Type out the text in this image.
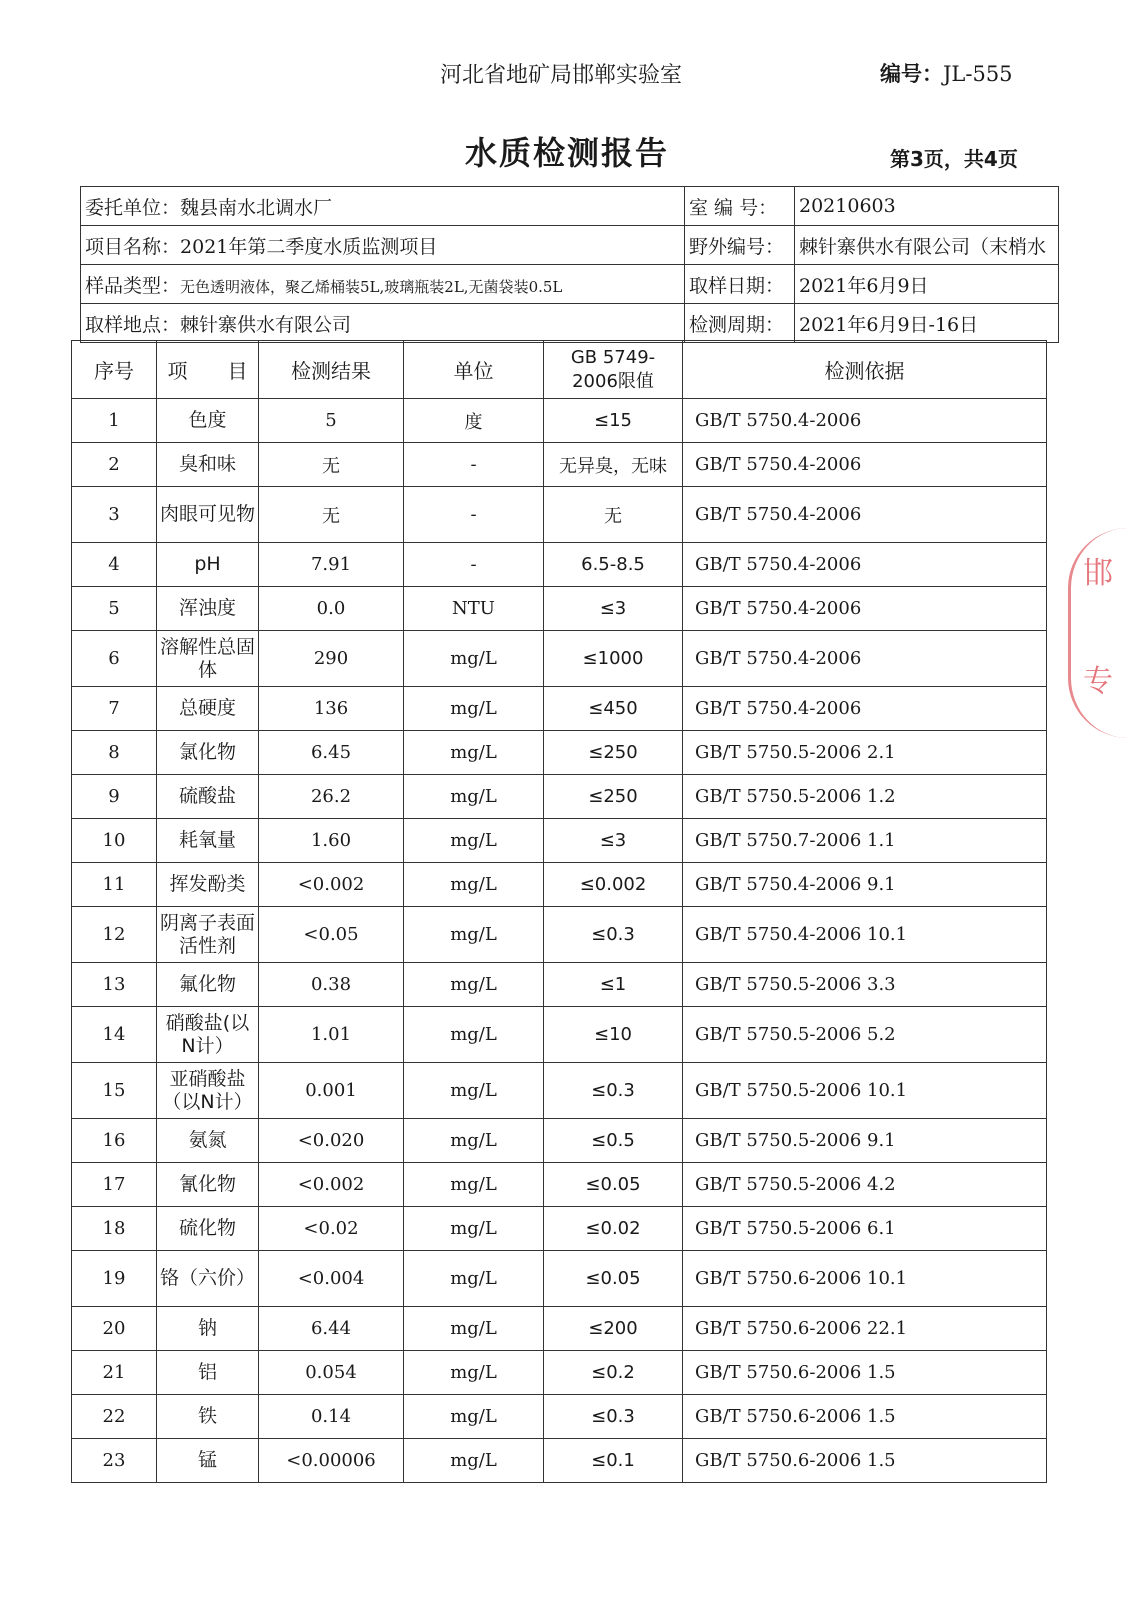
河北省地矿局邯郸实验室	编号：JL-555
水质检测报告	第3页，共4页
委托单位：魏县南水北调水厂	室 编 号：	20210603
项目名称：2021年第二季度水质监测项目	野外编号：	棘针寨供水有限公司（末梢水
样品类型：无色透明液体，聚乙烯桶装5L,玻璃瓶装2L,无菌袋装0.5L	取样日期：	2021年6月9日
取样地点：棘针寨供水有限公司	检测周期：	2021年6月9日-16日
序号	项　　目	检测结果	单位	GB 5749-
2006限值	检测依据
1	色度	5	度	≤15	GB/T 5750.4-2006
2	臭和味	无	-	无异臭，无味	GB/T 5750.4-2006
3	肉眼可见物	无	-	无	GB/T 5750.4-2006
4	pH	7.91	-	6.5-8.5	GB/T 5750.4-2006
5	浑浊度	0.0	NTU	≤3	GB/T 5750.4-2006
6	溶解性总固体	290	mg/L	≤1000	GB/T 5750.4-2006
7	总硬度	136	mg/L	≤450	GB/T 5750.4-2006
8	氯化物	6.45	mg/L	≤250	GB/T 5750.5-2006 2.1
9	硫酸盐	26.2	mg/L	≤250	GB/T 5750.5-2006 1.2
10	耗氧量	1.60	mg/L	≤3	GB/T 5750.7-2006 1.1
11	挥发酚类	<0.002	mg/L	≤0.002	GB/T 5750.4-2006 9.1
12	阴离子表面活性剂	<0.05	mg/L	≤0.3	GB/T 5750.4-2006 10.1
13	氟化物	0.38	mg/L	≤1	GB/T 5750.5-2006 3.3
14	硝酸盐(以N计）	1.01	mg/L	≤10	GB/T 5750.5-2006 5.2
15	亚硝酸盐（以N计）	0.001	mg/L	≤0.3	GB/T 5750.5-2006 10.1
16	氨氮	<0.020	mg/L	≤0.5	GB/T 5750.5-2006 9.1
17	氰化物	<0.002	mg/L	≤0.05	GB/T 5750.5-2006 4.2
18	硫化物	<0.02	mg/L	≤0.02	GB/T 5750.5-2006 6.1
19	铬（六价）	<0.004	mg/L	≤0.05	GB/T 5750.6-2006 10.1
20	钠	6.44	mg/L	≤200	GB/T 5750.6-2006 22.1
21	铝	0.054	mg/L	≤0.2	GB/T 5750.6-2006 1.5
22	铁	0.14	mg/L	≤0.3	GB/T 5750.6-2006 1.5
23	锰	<0.00006	mg/L	≤0.1	GB/T 5750.6-2006 1.5
邯
专
